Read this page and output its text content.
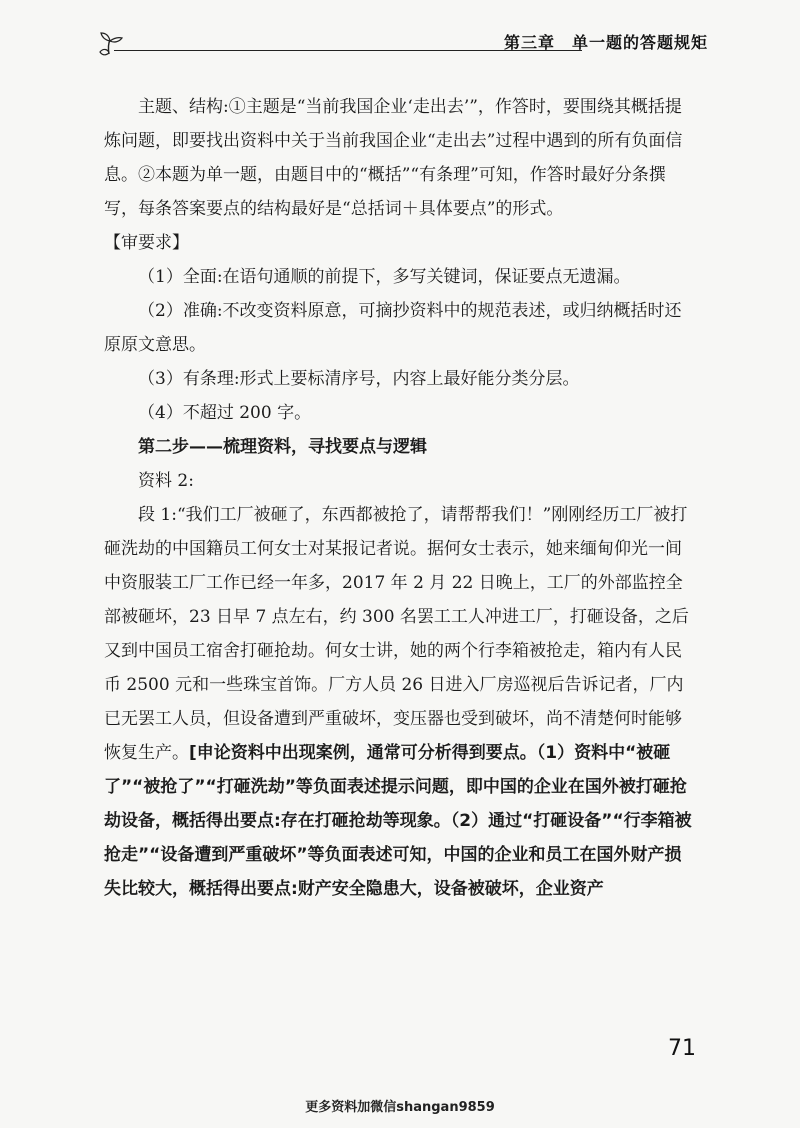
第三章　单一题的答题规矩

主题、结构:①主题是“当前我国企业‘走出去’”，作答时，要围绕其概括提炼问题，即要找出资料中关于当前我国企业“走出去”过程中遇到的所有负面信息。②本题为单一题，由题目中的“概括”“有条理”可知，作答时最好分条撰写，每条答案要点的结构最好是“总括词＋具体要点”的形式。

【审要求】

（1）全面:在语句通顺的前提下，多写关键词，保证要点无遗漏。

（2）准确:不改变资料原意，可摘抄资料中的规范表述，或归纳概括时还原原文意思。

（3）有条理:形式上要标清序号，内容上最好能分类分层。

（4）不超过 200 字。

第二步——梳理资料，寻找要点与逻辑

资料 2:

段 1:“我们工厂被砸了，东西都被抢了，请帮帮我们！”刚刚经历工厂被打砸洗劫的中国籍员工何女士对某报记者说。据何女士表示，她来缅甸仰光一间中资服装工厂工作已经一年多，2017 年 2 月 22 日晚上，工厂的外部监控全部被砸坏，23 日早 7 点左右，约 300 名罢工工人冲进工厂，打砸设备，之后又到中国员工宿舍打砸抢劫。何女士讲，她的两个行李箱被抢走，箱内有人民币 2500 元和一些珠宝首饰。厂方人员 26 日进入厂房巡视后告诉记者，厂内已无罢工人员，但设备遭到严重破坏，变压器也受到破坏，尚不清楚何时能够恢复生产。[申论资料中出现案例，通常可分析得到要点。（1）资料中“被砸了”“被抢了”“打砸洗劫”等负面表述提示问题，即中国的企业在国外被打砸抢劫设备，概括得出要点:存在打砸抢劫等现象。（2）通过“打砸设备”“行李箱被抢走”“设备遭到严重破坏”等负面表述可知，中国的企业和员工在国外财产损失比较大，概括得出要点:财产安全隐患大，设备被破坏，企业资产

71
更多资料加微信shangan9859
